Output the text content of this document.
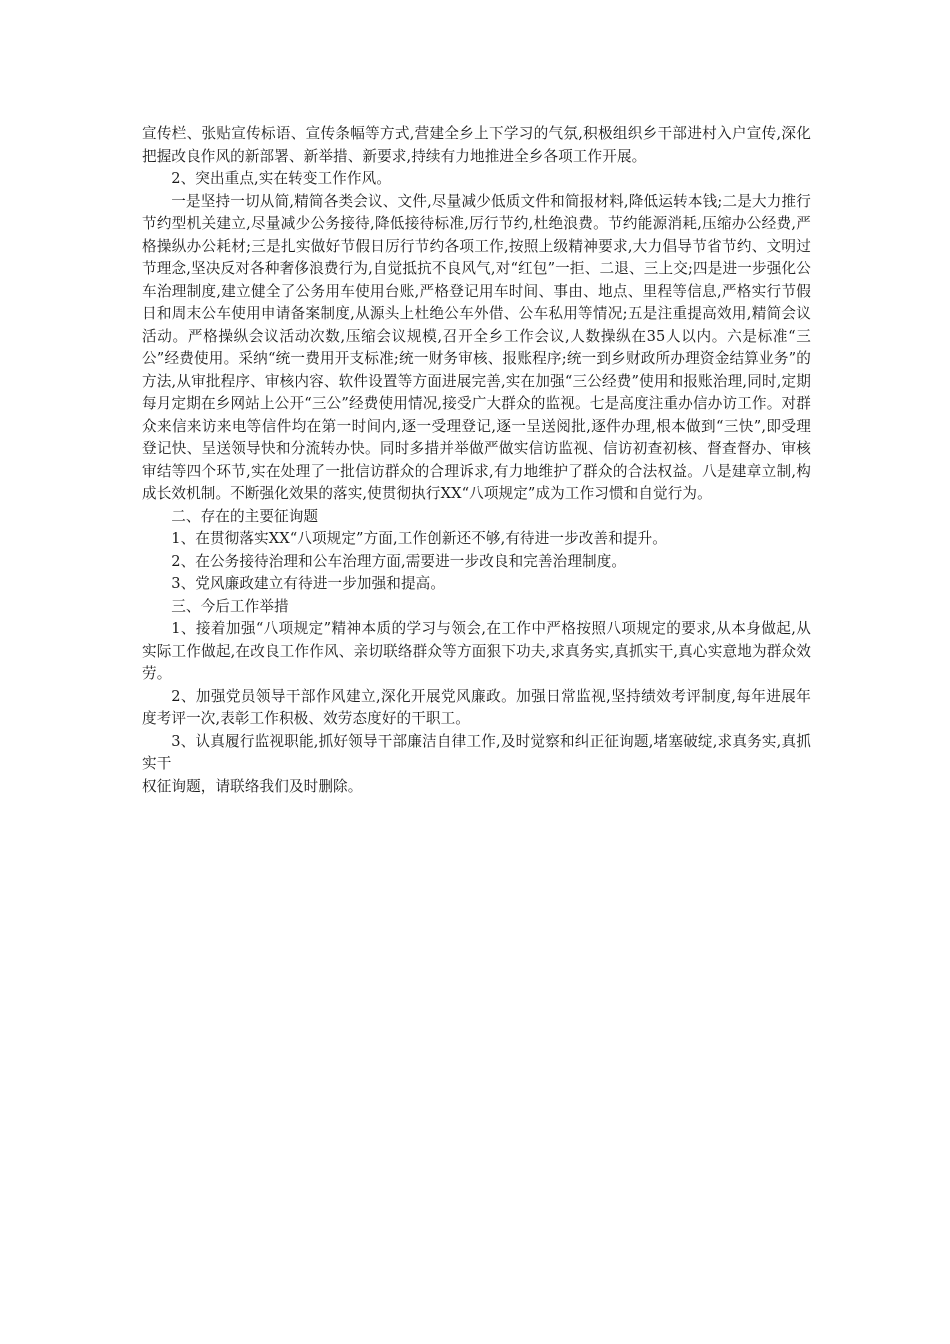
宣传栏、张贴宣传标语、宣传条幅等方式,营建全乡上下学习的气氛,积极组织乡干部进村入户宣传,深化把握改良作风的新部署、新举措、新要求,持续有力地推进全乡各项工作开展。

2、突出重点,实在转变工作作风。

一是坚持一切从简,精简各类会议、文件,尽量减少低质文件和简报材料,降低运转本钱;二是大力推行节约型机关建立,尽量减少公务接待,降低接待标准,厉行节约,杜绝浪费。节约能源消耗,压缩办公经费,严格操纵办公耗材;三是扎实做好节假日厉行节约各项工作,按照上级精神要求,大力倡导节省节约、文明过节理念,坚决反对各种奢侈浪费行为,自觉抵抗不良风气,对“红包”一拒、二退、三上交;四是进一步强化公车治理制度,建立健全了公务用车使用台账,严格登记用车时间、事由、地点、里程等信息,严格实行节假日和周末公车使用申请备案制度,从源头上杜绝公车外借、公车私用等情况;五是注重提高效用,精简会议活动。严格操纵会议活动次数,压缩会议规模,召开全乡工作会议,人数操纵在35人以内。六是标准“三公”经费使用。采纳“统一费用开支标准;统一财务审核、报账程序;统一到乡财政所办理资金结算业务”的方法,从审批程序、审核内容、软件设置等方面进展完善,实在加强“三公经费”使用和报账治理,同时,定期每月定期在乡网站上公开“三公”经费使用情况,接受广大群众的监视。七是高度注重办信办访工作。对群众来信来访来电等信件均在第一时间内,逐一受理登记,逐一呈送阅批,逐件办理,根本做到“三快”,即受理登记快、呈送领导快和分流转办快。同时多措并举做严做实信访监视、信访初查初核、督查督办、审核审结等四个环节,实在处理了一批信访群众的合理诉求,有力地维护了群众的合法权益。八是建章立制,构成长效机制。不断强化效果的落实,使贯彻执行XX“八项规定”成为工作习惯和自觉行为。

二、存在的主要征询题

1、在贯彻落实XX“八项规定”方面,工作创新还不够,有待进一步改善和提升。

2、在公务接待治理和公车治理方面,需要进一步改良和完善治理制度。

3、党风廉政建立有待进一步加强和提高。

三、今后工作举措

1、接着加强“八项规定”精神本质的学习与领会,在工作中严格按照八项规定的要求,从本身做起,从实际工作做起,在改良工作作风、亲切联络群众等方面狠下功夫,求真务实,真抓实干,真心实意地为群众效劳。

2、加强党员领导干部作风建立,深化开展党风廉政。加强日常监视,坚持绩效考评制度,每年进展年度考评一次,表彰工作积极、效劳态度好的干职工。

3、认真履行监视职能,抓好领导干部廉洁自律工作,及时觉察和纠正征询题,堵塞破绽,求真务实,真抓实干

权征询题，请联络我们及时删除。
